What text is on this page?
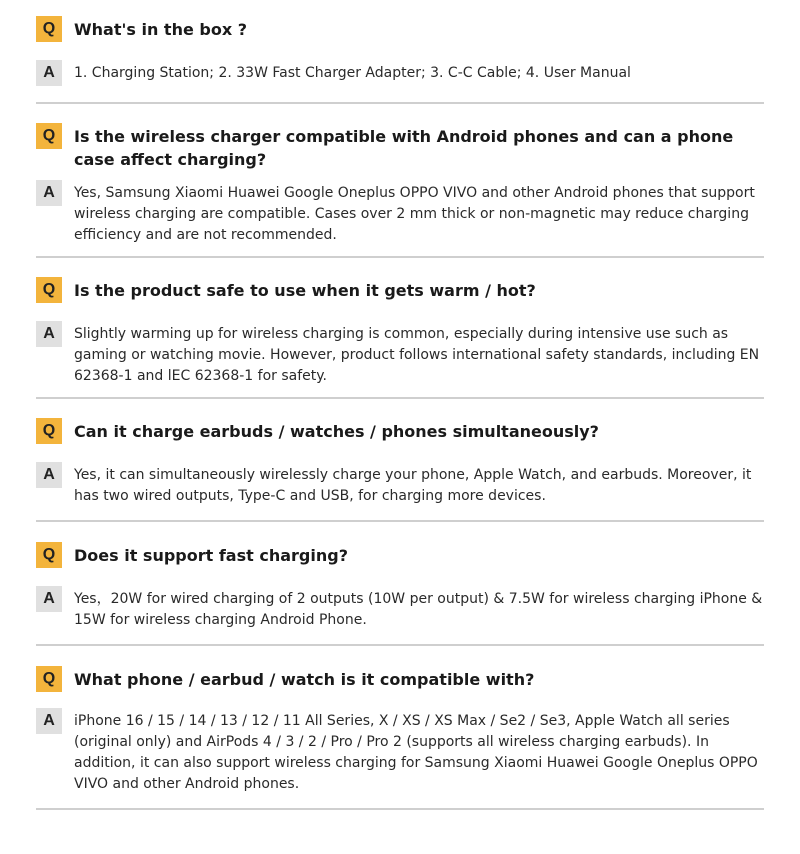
Q	What's in the box ?
A	1. Charging Station; 2. 33W Fast Charger Adapter; 3. C-C Cable; 4. User Manual
Q	Is the wireless charger compatible with Android phones and can a phone case affect charging?
A	Yes, Samsung Xiaomi Huawei Google Oneplus OPPO VIVO and other Android phones that support wireless charging are compatible. Cases over 2 mm thick or non-magnetic may reduce charging efficiency and are not recommended.
Q	Is the product safe to use when it gets warm / hot?
A	Slightly warming up for wireless charging is common, especially during intensive use such as gaming or watching movie. However, product follows international safety standards, including EN 62368-1 and lEC 62368-1 for safety.
Q	Can it charge earbuds / watches / phones simultaneously?
A	Yes, it can simultaneously wirelessly charge your phone, Apple Watch, and earbuds. Moreover, it has two wired outputs, Type-C and USB, for charging more devices.
Q	Does it support fast charging?
A	Yes，20W for wired charging of 2 outputs (10W per output) & 7.5W for wireless charging iPhone & 15W for wireless charging Android Phone.
Q	What phone / earbud / watch is it compatible with?
A	iPhone 16 / 15 / 14 / 13 / 12 / 11 All Series, X / XS / XS Max / Se2 / Se3, Apple Watch all series (original only) and AirPods 4 / 3 / 2 / Pro / Pro 2 (supports all wireless charging earbuds). In addition, it can also support wireless charging for Samsung Xiaomi Huawei Google Oneplus OPPO VIVO and other Android phones.
